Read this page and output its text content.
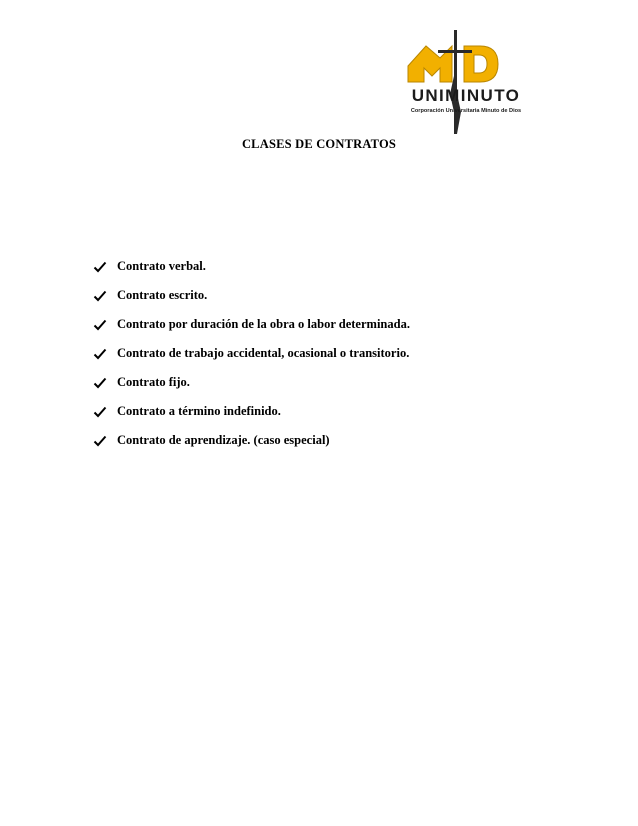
UNIMINUTO
Corporación Universitaria Minuto de Dios
CLASES DE CONTRATOS
Contrato verbal.
Contrato escrito.
Contrato por duración de la obra o labor determinada.
Contrato de trabajo accidental, ocasional o transitorio.
Contrato fijo.
Contrato a término indefinido.
Contrato de aprendizaje. (caso especial)
